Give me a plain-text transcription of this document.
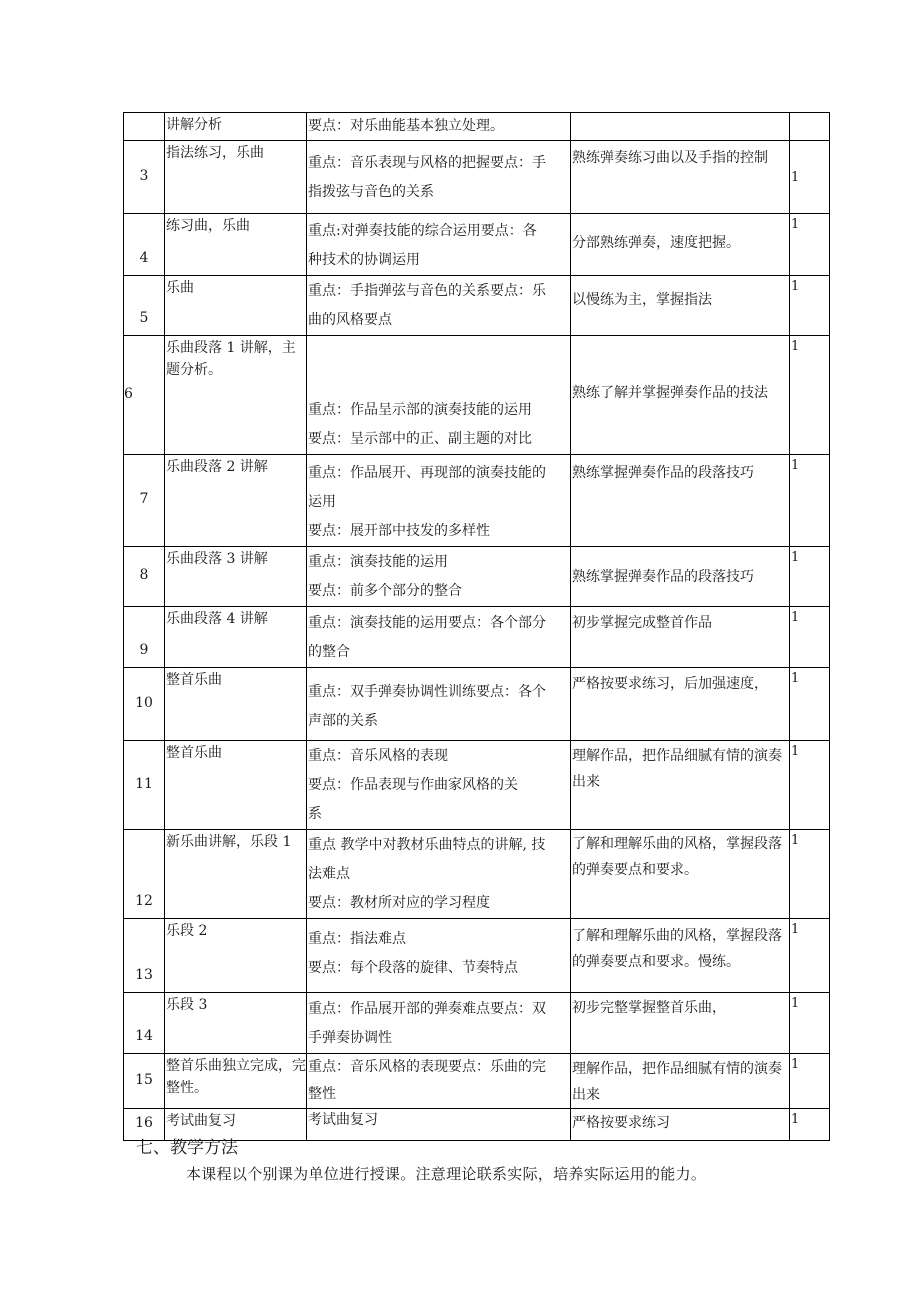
	讲解分析	要点：对乐曲能基本独立处理。		

3	指法练习，乐曲	重点：音乐表现与风格的把握要点：手
指拨弦与音色的关系	熟练弹奏练习曲以及手指的控制	1
4	练习曲，乐曲	重点:对弹奏技能的综合运用要点：各
种技术的协调运用	分部熟练弹奏，速度把握。	1
5	乐曲	重点：手指弹弦与音色的关系要点：乐
曲的风格要点	以慢练为主，掌握指法	1
6	乐曲段落 1 讲解，主题分析。	重点：作品呈示部的演奏技能的运用
要点：呈示部中的正、副主题的对比	熟练了解并掌握弹奏作品的技法	1
7	乐曲段落 2 讲解	重点：作品展开、再现部的演奏技能的
运用
要点：展开部中技发的多样性	熟练掌握弹奏作品的段落技巧	1
8	乐曲段落 3 讲解	重点：演奏技能的运用
要点：前多个部分的整合	熟练掌握弹奏作品的段落技巧	1
9	乐曲段落 4 讲解	重点：演奏技能的运用要点：各个部分
的整合	初步掌握完成整首作品	1
10	整首乐曲	重点：双手弹奏协调性训练要点：各个
声部的关系	严格按要求练习，后加强速度，	1
11	整首乐曲	重点：音乐风格的表现
要点：作品表现与作曲家风格的关
系	理解作品，把作品细腻有情的演奏出来	1
12	新乐曲讲解，乐段 1	重点 教学中对教材乐曲特点的讲解, 技
法难点
要点：教材所对应的学习程度	了解和理解乐曲的风格，掌握段落的弹奏要点和要求。	1
13	乐段 2	重点：指法难点
要点：每个段落的旋律、节奏特点	了解和理解乐曲的风格，掌握段落的弹奏要点和要求。慢练。	1
14	乐段 3	重点：作品展开部的弹奏难点要点：双
手弹奏协调性	初步完整掌握整首乐曲，	1
15	整首乐曲独立完成，完整性。	重点：音乐风格的表现要点：乐曲的完
整性	理解作品，把作品细腻有情的演奏出来	1
16	考试曲复习	考试曲复习	严格按要求练习	1
七、教学方法
本课程以个别课为单位进行授课。注意理论联系实际，培养实际运用的能力。
